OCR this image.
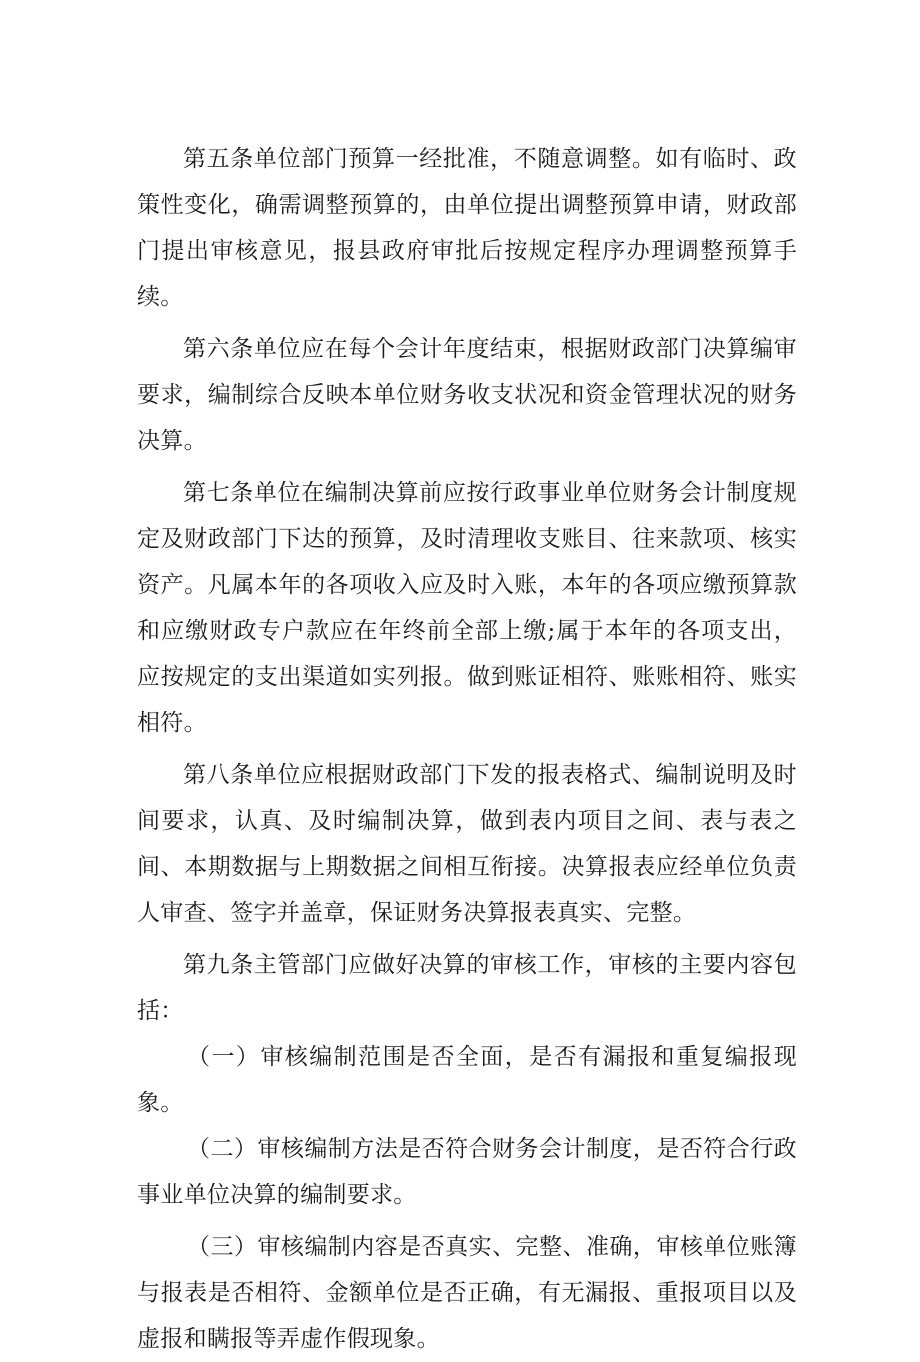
第五条单位部门预算一经批准，不随意调整。如有临时、政策性变化，确需调整预算的，由单位提出调整预算申请，财政部门提出审核意见，报县政府审批后按规定程序办理调整预算手续。

第六条单位应在每个会计年度结束，根据财政部门决算编审要求，编制综合反映本单位财务收支状况和资金管理状况的财务决算。

第七条单位在编制决算前应按行政事业单位财务会计制度规定及财政部门下达的预算，及时清理收支账目、往来款项、核实资产。凡属本年的各项收入应及时入账，本年的各项应缴预算款和应缴财政专户款应在年终前全部上缴;属于本年的各项支出，应按规定的支出渠道如实列报。做到账证相符、账账相符、账实相符。

第八条单位应根据财政部门下发的报表格式、编制说明及时间要求，认真、及时编制决算，做到表内项目之间、表与表之间、本期数据与上期数据之间相互衔接。决算报表应经单位负责人审查、签字并盖章，保证财务决算报表真实、完整。

第九条主管部门应做好决算的审核工作，审核的主要内容包括：

（一）审核编制范围是否全面，是否有漏报和重复编报现象。

（二）审核编制方法是否符合财务会计制度，是否符合行政事业单位决算的编制要求。

（三）审核编制内容是否真实、完整、准确，审核单位账簿与报表是否相符、金额单位是否正确，有无漏报、重报项目以及虚报和瞒报等弄虚作假现象。
